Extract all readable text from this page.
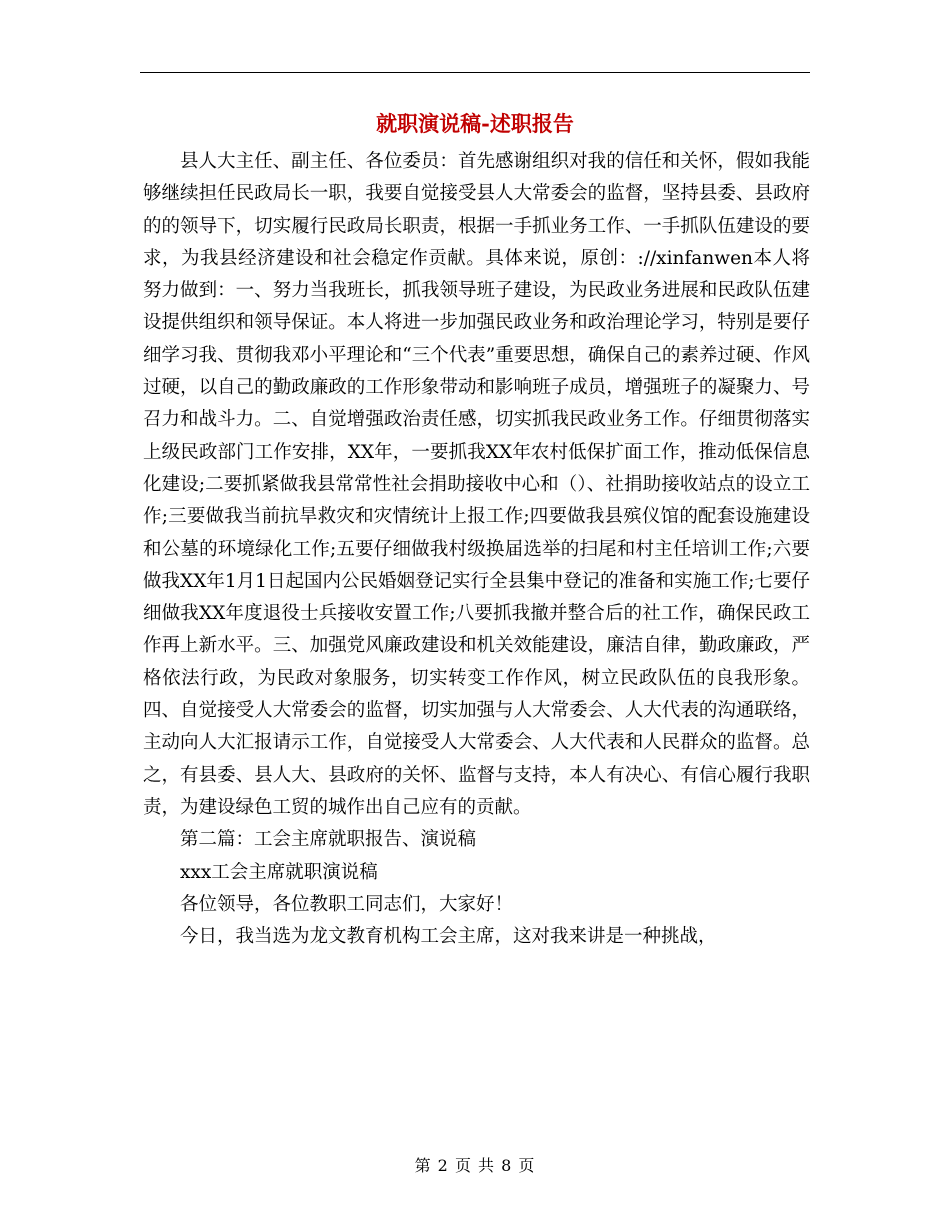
就职演说稿-述职报告

县人大主任、副主任、各位委员：首先感谢组织对我的信任和关怀，假如我能够继续担任民政局长一职，我要自觉接受县人大常委会的监督，坚持县委、县政府的的领导下，切实履行民政局长职责，根据一手抓业务工作、一手抓队伍建设的要求，为我县经济建设和社会稳定作贡献。具体来说，原创：://xinfanwen本人将努力做到：一、努力当我班长，抓我领导班子建设，为民政业务进展和民政队伍建设提供组织和领导保证。本人将进一步加强民政业务和政治理论学习，特别是要仔细学习我、贯彻我邓小平理论和“三个代表”重要思想，确保自己的素养过硬、作风过硬，以自己的勤政廉政的工作形象带动和影响班子成员，增强班子的凝聚力、号召力和战斗力。二、自觉增强政治责任感，切实抓我民政业务工作。仔细贯彻落实上级民政部门工作安排，XX年，一要抓我XX年农村低保扩面工作，推动低保信息化建设;二要抓紧做我县常常性社会捐助接收中心和（）、社捐助接收站点的设立工作;三要做我当前抗旱救灾和灾情统计上报工作;四要做我县殡仪馆的配套设施建设和公墓的环境绿化工作;五要仔细做我村级换届选举的扫尾和村主任培训工作;六要做我XX年1月1日起国内公民婚姻登记实行全县集中登记的准备和实施工作;七要仔细做我XX年度退役士兵接收安置工作;八要抓我撤并整合后的社工作，确保民政工作再上新水平。三、加强党风廉政建设和机关效能建设，廉洁自律，勤政廉政，严格依法行政，为民政对象服务，切实转变工作作风，树立民政队伍的良我形象。四、自觉接受人大常委会的监督，切实加强与人大常委会、人大代表的沟通联络，主动向人大汇报请示工作，自觉接受人大常委会、人大代表和人民群众的监督。总之，有县委、县人大、县政府的关怀、监督与支持，本人有决心、有信心履行我职责，为建设绿色工贸的城作出自己应有的贡献。

第二篇：工会主席就职报告、演说稿

xxx工会主席就职演说稿

各位领导，各位教职工同志们，大家好！

今日，我当选为龙文教育机构工会主席，这对我来讲是一种挑战，

第 2 页 共 8 页
